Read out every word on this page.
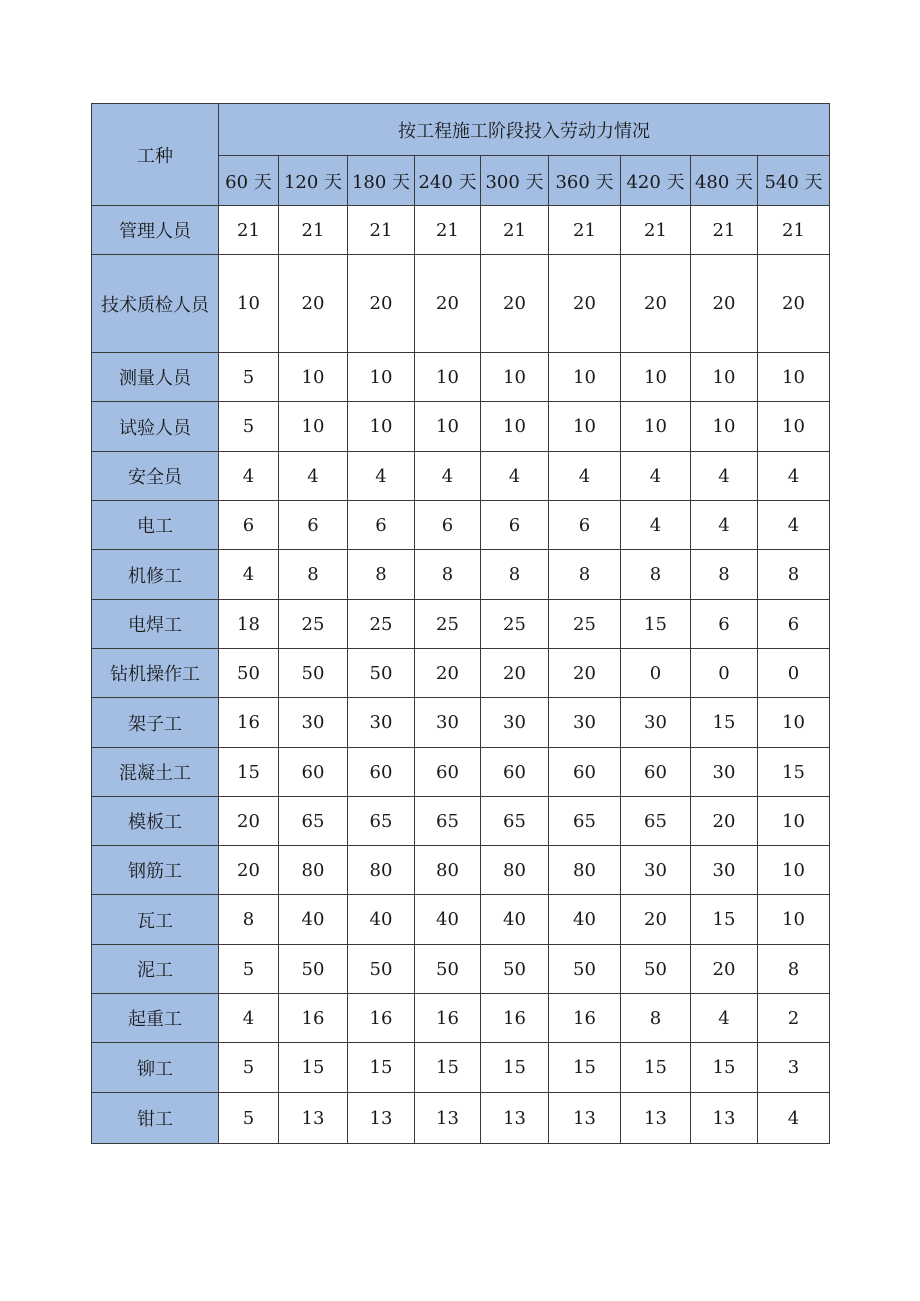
工种	按工程施工阶段投入劳动力情况								
	60 天	120 天	180 天	240 天	300 天	360 天	420 天	480 天	540 天
管理人员	21	21	21	21	21	21	21	21	21
技术质检人员	10	20	20	20	20	20	20	20	20
测量人员	5	10	10	10	10	10	10	10	10
试验人员	5	10	10	10	10	10	10	10	10
安全员	4	4	4	4	4	4	4	4	4
电工	6	6	6	6	6	6	4	4	4
机修工	4	8	8	8	8	8	8	8	8
电焊工	18	25	25	25	25	25	15	6	6
钻机操作工	50	50	50	20	20	20	0	0	0
架子工	16	30	30	30	30	30	30	15	10
混凝土工	15	60	60	60	60	60	60	30	15
模板工	20	65	65	65	65	65	65	20	10
钢筋工	20	80	80	80	80	80	30	30	10
瓦工	8	40	40	40	40	40	20	15	10
泥工	5	50	50	50	50	50	50	20	8
起重工	4	16	16	16	16	16	8	4	2
铆工	5	15	15	15	15	15	15	15	3
钳工	5	13	13	13	13	13	13	13	4
